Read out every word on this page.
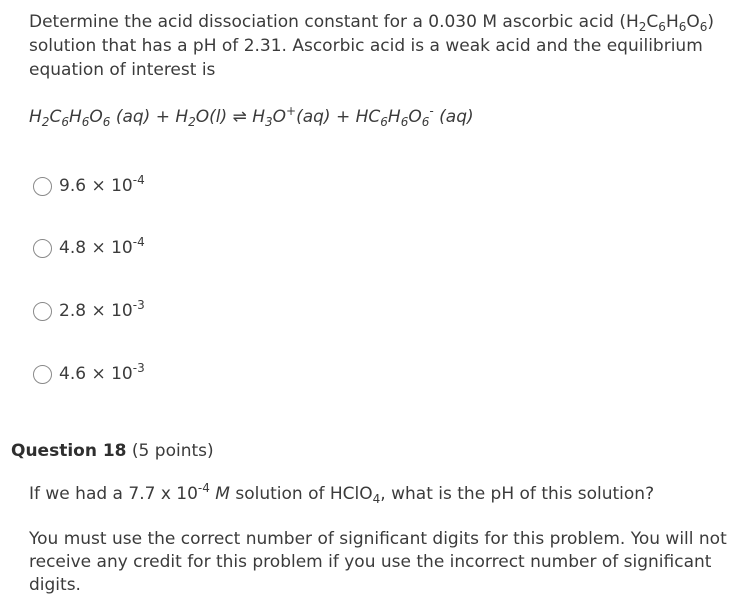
Determine the acid dissociation constant for a 0.030 M ascorbic acid $(H_2C_6H_6O_6)$ solution that has a pH of 2.31. Ascorbic acid is a weak acid and the equilibrium equation of interest is
$H_2C_6H_6O_6$ $(aq) + H_2O(l)$ ⇌ $H_3O^+(aq) + HC_6H_6O_6^-$ (aq)
$9.6 \times 10^{-4}$
$4.8 \times 10^{-4}$
$2.8 \times 10^{-3}$
$4.6 \times 10^{-3}$
Question 18 (5 points)
If we had a 7.7 x $10^{-4}$ M solution of HClO$_4$, what is the pH of this solution?
You must use the correct number of significant digits for this problem. You will not receive any credit for this problem if you use the incorrect number of significant digits.
